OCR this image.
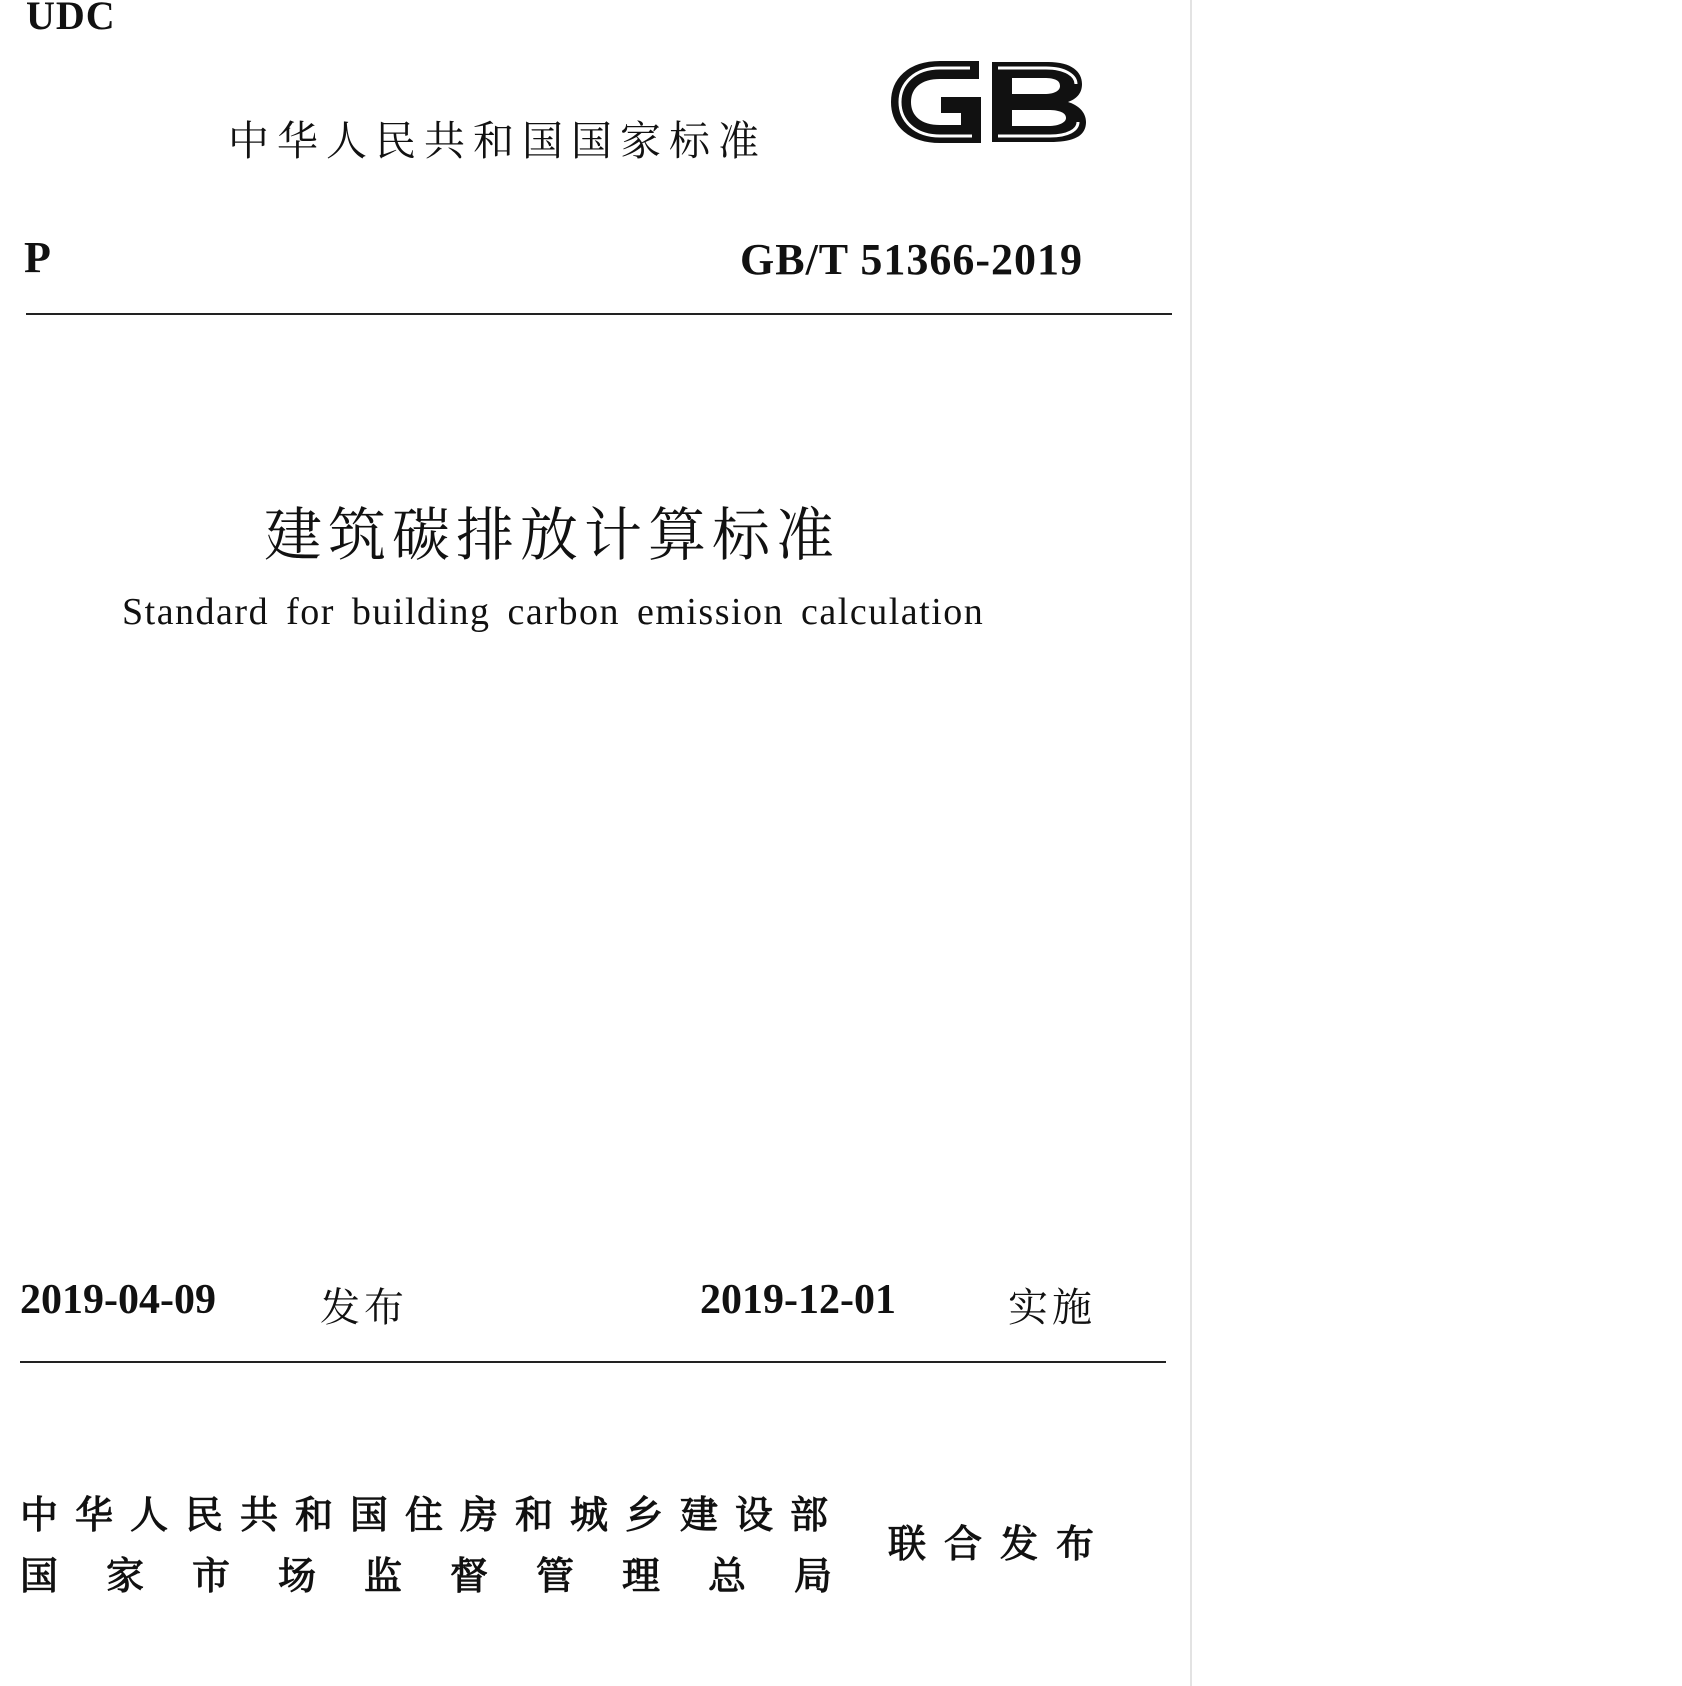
UDC
中华人民共和国国家标准
P	GB/T 51366-2019
建筑碳排放计算标准
Standard for building carbon emission calculation
2019-04-09	发布	2019-12-01	实施
中华人民共和国住房和城乡建设部
国家市场监督管理总局
联合发布
